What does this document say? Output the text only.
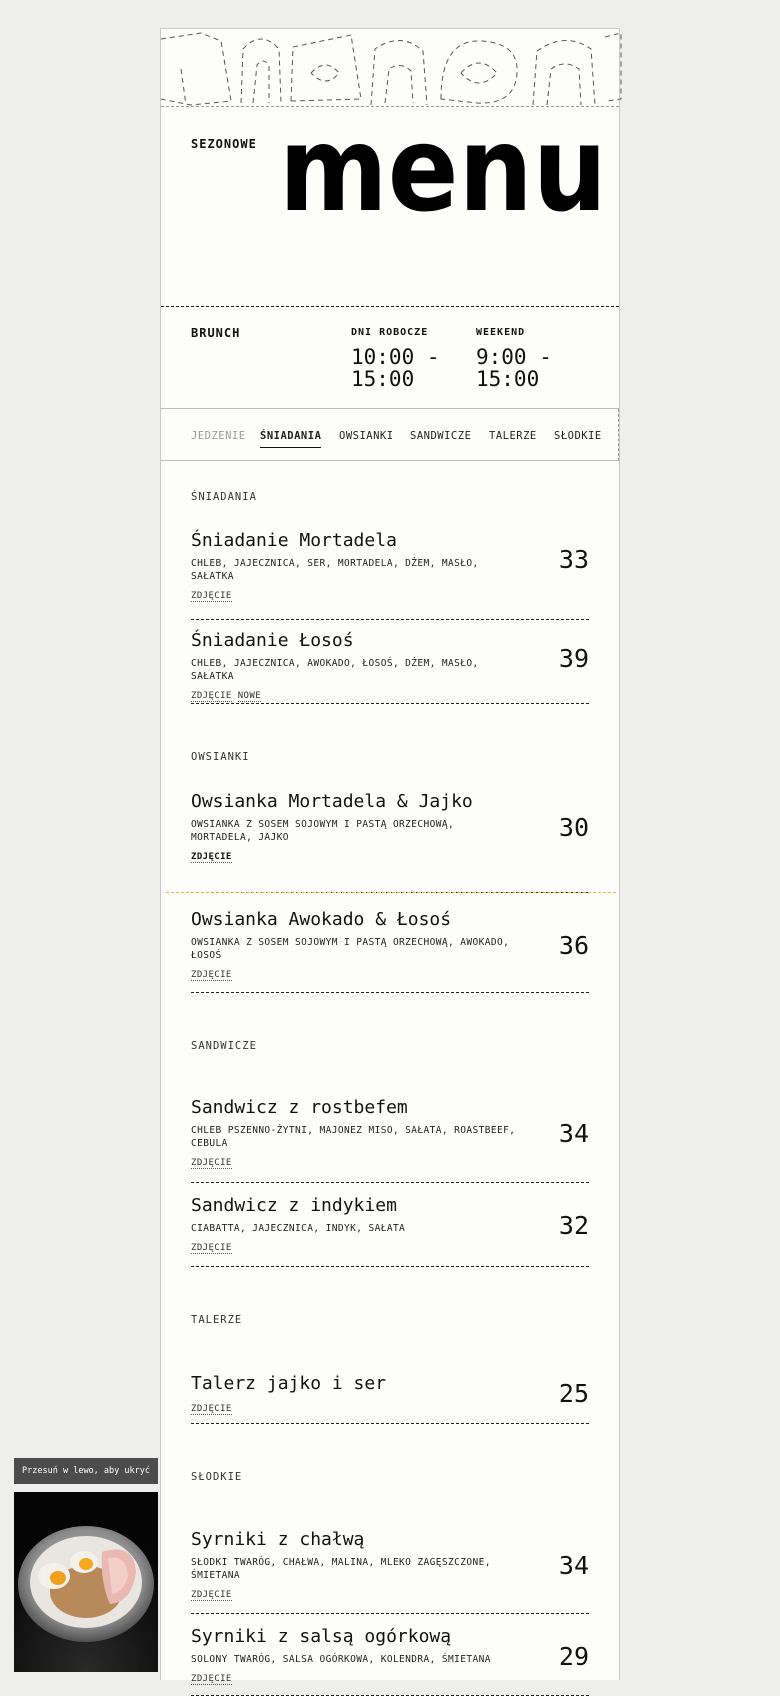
SEZONOWE menu
BRUNCH	DNI ROBOCZE
10:00 - 15:00
WEEKEND
9:00 - 15:00
JEDZENIE ŚNIADANIA OWSIANKI SANDWICZE TALERZE SŁODKIE
ŚNIADANIA
Śniadanie Mortadela
CHLEB, JAJECZNICA, SER, MORTADELA, DŻEM, MASŁO, SAŁATKA
ZDJĘCIE
33
Śniadanie Łosoś
CHLEB, JAJECZNICA, AWOKADO, ŁOSOŚ, DŻEM, MASŁO, SAŁATKA
ZDJĘCIE NOWE
39
OWSIANKI
Owsianka Mortadela & Jajko
OWSIANKA Z SOSEM SOJOWYM I PASTĄ ORZECHOWĄ, MORTADELA, JAJKO
ZDJĘCIE
30
Owsianka Awokado & Łosoś
OWSIANKA Z SOSEM SOJOWYM I PASTĄ ORZECHOWĄ, AWOKADO, ŁOSOŚ
ZDJĘCIE
36
SANDWICZE
Sandwicz z rostbefem
CHLEB PSZENNO-ŻYTNI, MAJONEZ MISO, SAŁATA, ROASTBEEF, CEBULA
ZDJĘCIE
34
Sandwicz z indykiem
CIABATTA, JAJECZNICA, INDYK, SAŁATA
ZDJĘCIE
32
TALERZE
Talerz jajko i ser
ZDJĘCIE
25
SŁODKIE
Syrniki z chałwą
SŁODKI TWARÓG, CHAŁWA, MALINA, MLEKO ZAGĘSZCZONE, ŚMIETANA
ZDJĘCIE
34
Syrniki z salsą ogórkową
SOLONY TWARÓG, SALSA OGÓRKOWA, KOLENDRA, ŚMIETANA
ZDJĘCIE
29
Przesuń w lewo, aby ukryć
